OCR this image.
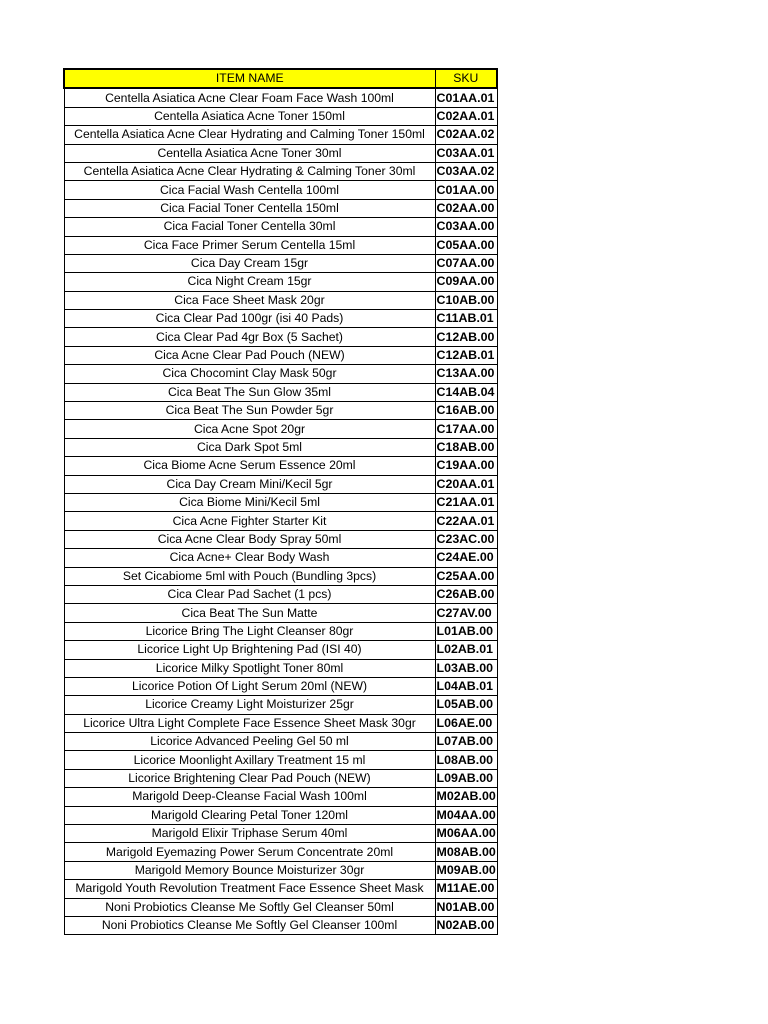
ITEM NAME	SKU
Centella Asiatica Acne Clear Foam Face Wash 100ml	C01AA.01
Centella Asiatica Acne Toner 150ml	C02AA.01
Centella Asiatica Acne Clear Hydrating and Calming Toner 150ml	C02AA.02
Centella Asiatica Acne Toner 30ml	C03AA.01
Centella Asiatica Acne Clear Hydrating & Calming Toner 30ml	C03AA.02
Cica Facial Wash Centella 100ml	C01AA.00
Cica Facial Toner Centella 150ml	C02AA.00
Cica Facial Toner Centella 30ml	C03AA.00
Cica Face Primer Serum Centella 15ml	C05AA.00
Cica Day Cream 15gr	C07AA.00
Cica Night Cream 15gr	C09AA.00
Cica Face Sheet Mask 20gr	C10AB.00
Cica Clear Pad 100gr (isi 40 Pads)	C11AB.01
Cica Clear Pad 4gr Box (5 Sachet)	C12AB.00
Cica Acne Clear Pad Pouch (NEW)	C12AB.01
Cica Chocomint Clay Mask 50gr	C13AA.00
Cica Beat The Sun Glow 35ml	C14AB.04
Cica Beat The Sun Powder 5gr	C16AB.00
Cica Acne Spot 20gr	C17AA.00
Cica Dark Spot 5ml	C18AB.00
Cica Biome Acne Serum Essence 20ml	C19AA.00
Cica Day Cream Mini/Kecil 5gr	C20AA.01
Cica Biome Mini/Kecil 5ml	C21AA.01
Cica Acne Fighter Starter Kit	C22AA.01
Cica Acne Clear Body Spray 50ml	C23AC.00
Cica Acne+ Clear Body Wash	C24AE.00
Set Cicabiome 5ml with Pouch (Bundling 3pcs)	C25AA.00
Cica Clear Pad Sachet (1 pcs)	C26AB.00
Cica Beat The Sun Matte	C27AV.00
Licorice Bring The Light Cleanser 80gr	L01AB.00
Licorice Light Up Brightening Pad (ISI 40)	L02AB.01
Licorice Milky Spotlight Toner 80ml	L03AB.00
Licorice Potion Of Light Serum 20ml (NEW)	L04AB.01
Licorice Creamy Light Moisturizer 25gr	L05AB.00
Licorice Ultra Light Complete Face Essence Sheet Mask 30gr	L06AE.00
Licorice Advanced Peeling Gel 50 ml	L07AB.00
Licorice Moonlight Axillary Treatment 15 ml	L08AB.00
Licorice Brightening Clear Pad Pouch (NEW)	L09AB.00
Marigold Deep-Cleanse Facial Wash 100ml	M02AB.00
Marigold Clearing Petal Toner 120ml	M04AA.00
Marigold Elixir Triphase Serum 40ml	M06AA.00
Marigold Eyemazing Power Serum Concentrate 20ml	M08AB.00
Marigold Memory Bounce Moisturizer 30gr	M09AB.00
Marigold Youth Revolution Treatment Face Essence Sheet Mask	M11AE.00
Noni Probiotics Cleanse Me Softly Gel Cleanser 50ml	N01AB.00
Noni Probiotics Cleanse Me Softly Gel Cleanser 100ml	N02AB.00
